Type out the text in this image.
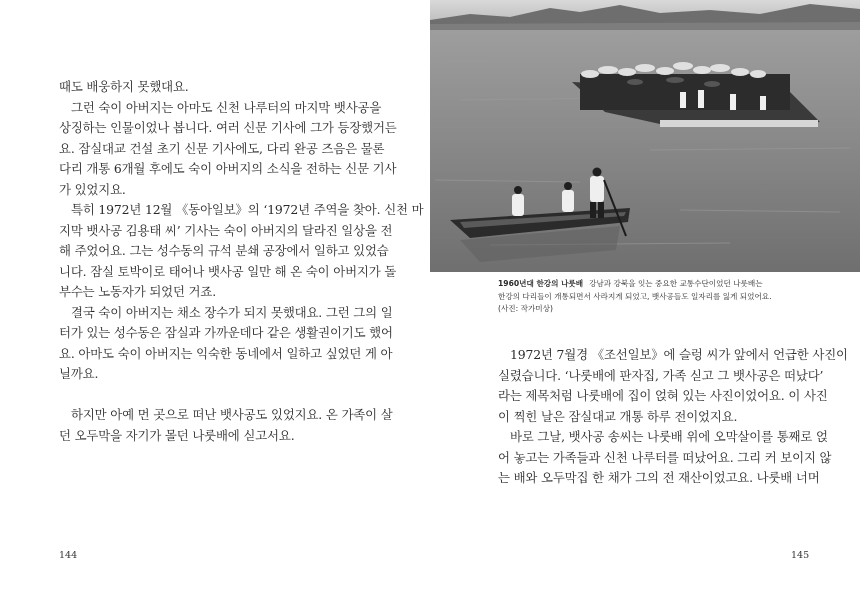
때도 배웅하지 못했대요.
그런 숙이 아버지는 아마도 신천 나루터의 마지막 뱃사공을
상징하는 인물이었나 봅니다. 여러 신문 기사에 그가 등장했거든
요. 잠실대교 건설 초기 신문 기사에도, 다리 완공 즈음은 물론
다리 개통 6개월 후에도 숙이 아버지의 소식을 전하는 신문 기사
가 있었지요.
특히 1972년 12월 《동아일보》의 ‘1972년 주역을 찾아. 신천 마
지막 뱃사공 김용태 씨’ 기사는 숙이 아버지의 달라진 일상을 전
해 주었어요. 그는 성수동의 규석 분쇄 공장에서 일하고 있었습
니다. 잠실 토박이로 태어나 뱃사공 일만 해 온 숙이 아버지가 돌
부수는 노동자가 되었던 거죠.
결국 숙이 아버지는 채소 장수가 되지 못했대요. 그런 그의 일
터가 있는 성수동은 잠실과 가까운데다 같은 생활권이기도 했어
요. 아마도 숙이 아버지는 익숙한 동네에서 일하고 싶었던 게 아
닐까요.
하지만 아예 먼 곳으로 떠난 뱃사공도 있었지요. 온 가족이 살
던 오두막을 자기가 몰던 나룻배에 싣고서요.
144
1960년대 한강의 나룻배 강남과 강북을 잇는 중요한 교통수단이었던 나룻배는
한강의 다리들이 개통되면서 사라지게 되었고, 뱃사공들도 일자리를 잃게 되었어요.
(사진: 작가미상)
145
1972년 7월경 《조선일보》에 슬렁 씨가 앞에서 언급한 사진이
실렸습니다. ‘나룻배에 판자집, 가족 싣고 그 뱃사공은 떠났다’
라는 제목처럼 나룻배에 집이 얹혀 있는 사진이었어요. 이 사진
이 찍힌 날은 잠실대교 개통 하루 전이었지요.
바로 그날, 뱃사공 송씨는 나룻배 위에 오막살이를 통째로 얹
어 놓고는 가족들과 신천 나루터를 떠났어요. 그리 커 보이지 않
는 배와 오두막집 한 채가 그의 전 재산이었고요. 나룻배 너머
